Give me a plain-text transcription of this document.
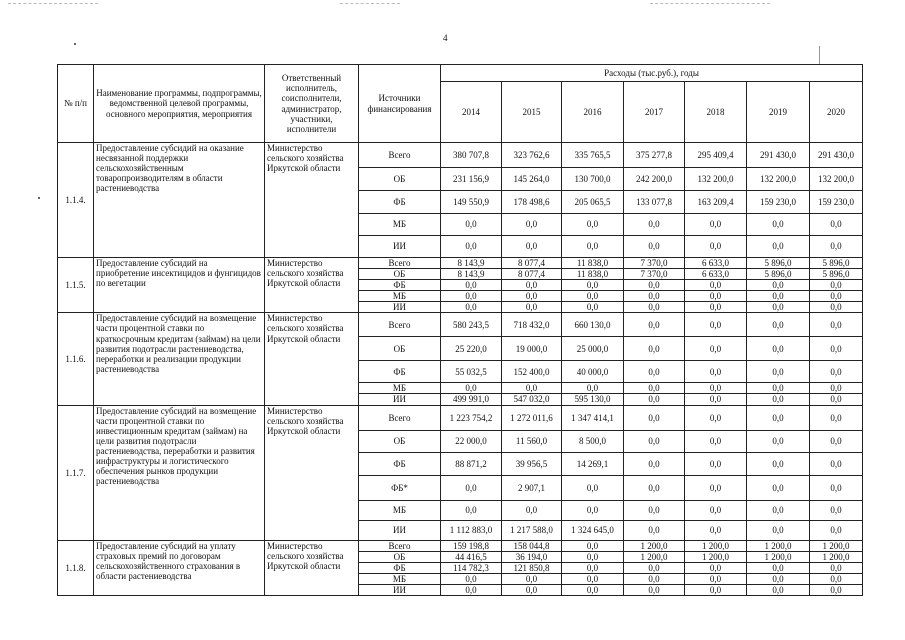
4
№ п/п	Наименование программы, подпрограммы, ведомственной целевой программы, основного мероприятия, мероприятия	Ответственный исполнитель, соисполнители, администратор, участники, исполнители	Источники финансирования	Расходы (тыс.руб.), годы						
				2014	2015	2016	2017	2018	2019	2020
1.1.4.	Предоставление субсидий на оказание несвязанной поддержки сельскохозяйственным товаропроизводителям в области растениеводства	Министерство сельского хозяйства Иркутской области	Всего	380 707,8	323 762,6	335 765,5	375 277,8	295 409,4	291 430,0	291 430,0
			ОБ	231 156,9	145 264,0	130 700,0	242 200,0	132 200,0	132 200,0	132 200,0
			ФБ	149 550,9	178 498,6	205 065,5	133 077,8	163 209,4	159 230,0	159 230,0
			МБ	0,0	0,0	0,0	0,0	0,0	0,0	0,0
			ИИ	0,0	0,0	0,0	0,0	0,0	0,0	0,0
1.1.5.	Предоставление субсидий на приобретение инсектицидов и фунгицидов по вегетации	Министерство сельского хозяйства Иркутской области	Всего	8 143,9	8 077,4	11 838,0	7 370,0	6 633,0	5 896,0	5 896,0
			ОБ	8 143,9	8 077,4	11 838,0	7 370,0	6 633,0	5 896,0	5 896,0
			ФБ	0,0	0,0	0,0	0,0	0,0	0,0	0,0
			МБ	0,0	0,0	0,0	0,0	0,0	0,0	0,0
			ИИ	0,0	0,0	0,0	0,0	0,0	0,0	0,0
1.1.6.	Предоставление субсидий на возмещение части процентной ставки по краткосрочным кредитам (займам) на цели развития подотрасли растениеводства, переработки и реализации продукции растениеводства	Министерство сельского хозяйства Иркутской области	Всего	580 243,5	718 432,0	660 130,0	0,0	0,0	0,0	0,0
			ОБ	25 220,0	19 000,0	25 000,0	0,0	0,0	0,0	0,0
			ФБ	55 032,5	152 400,0	40 000,0	0,0	0,0	0,0	0,0
			МБ	0,0	0,0	0,0	0,0	0,0	0,0	0,0
			ИИ	499 991,0	547 032,0	595 130,0	0,0	0,0	0,0	0,0
1.1.7.	Предоставление субсидий на возмещение части процентной ставки по инвестиционным кредитам (займам) на цели развития подотрасли растениеводства, переработки и развития инфраструктуры и логистического обеспечения рынков продукции растениеводства	Министерство сельского хозяйства Иркутской области	Всего	1 223 754,2	1 272 011,6	1 347 414,1	0,0	0,0	0,0	0,0
			ОБ	22 000,0	11 560,0	8 500,0	0,0	0,0	0,0	0,0
			ФБ	88 871,2	39 956,5	14 269,1	0,0	0,0	0,0	0,0
			ФБ*	0,0	2 907,1	0,0	0,0	0,0	0,0	0,0
			МБ	0,0	0,0	0,0	0,0	0,0	0,0	0,0
			ИИ	1 112 883,0	1 217 588,0	1 324 645,0	0,0	0,0	0,0	0,0
1.1.8.	Предоставление субсидий на уплату страховых премий по договорам сельскохозяйственного страхования в области растениеводства	Министерство сельского хозяйства Иркутской области	Всего	159 198,8	158 044,8	0,0	1 200,0	1 200,0	1 200,0	1 200,0
			ОБ	44 416,5	36 194,0	0,0	1 200,0	1 200,0	1 200,0	1 200,0
			ФБ	114 782,3	121 850,8	0,0	0,0	0,0	0,0	0,0
			МБ	0,0	0,0	0,0	0,0	0,0	0,0	0,0
			ИИ	0,0	0,0	0,0	0,0	0,0	0,0	0,0
